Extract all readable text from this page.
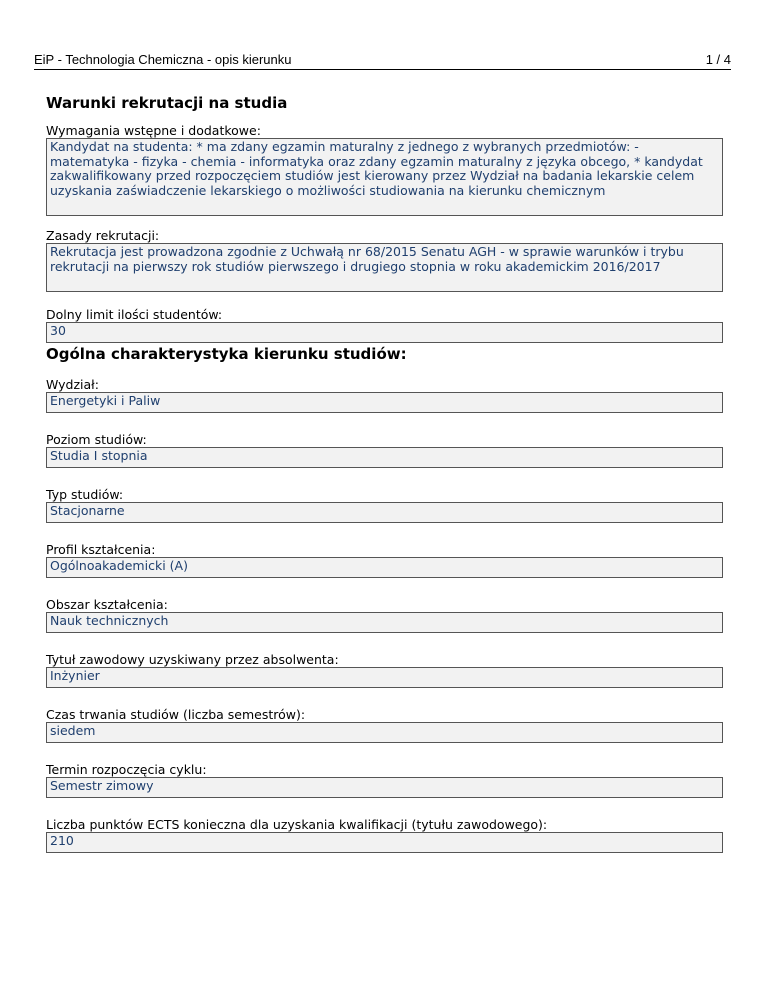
EiP - Technologia Chemiczna - opis kierunku	1 / 4
Warunki rekrutacji na studia
Wymagania wstępne i dodatkowe:
Kandydat na studenta: * ma zdany egzamin maturalny z jednego z wybranych przedmiotów: - matematyka - fizyka - chemia - informatyka oraz zdany egzamin maturalny z języka obcego, * kandydat zakwalifikowany przed rozpoczęciem studiów jest kierowany przez Wydział na badania lekarskie celem uzyskania zaświadczenie lekarskiego o możliwości studiowania na kierunku chemicznym
Zasady rekrutacji:
Rekrutacja jest prowadzona zgodnie z Uchwałą nr 68/2015 Senatu AGH - w sprawie warunków i trybu rekrutacji na pierwszy rok studiów pierwszego i drugiego stopnia w roku akademickim 2016/2017
Dolny limit ilości studentów:
30
Ogólna charakterystyka kierunku studiów:
Wydział:
Energetyki i Paliw
Poziom studiów:
Studia I stopnia
Typ studiów:
Stacjonarne
Profil kształcenia:
Ogólnoakademicki (A)
Obszar kształcenia:
Nauk technicznych
Tytuł zawodowy uzyskiwany przez absolwenta:
Inżynier
Czas trwania studiów (liczba semestrów):
siedem
Termin rozpoczęcia cyklu:
Semestr zimowy
Liczba punktów ECTS konieczna dla uzyskania kwalifikacji (tytułu zawodowego):
210
